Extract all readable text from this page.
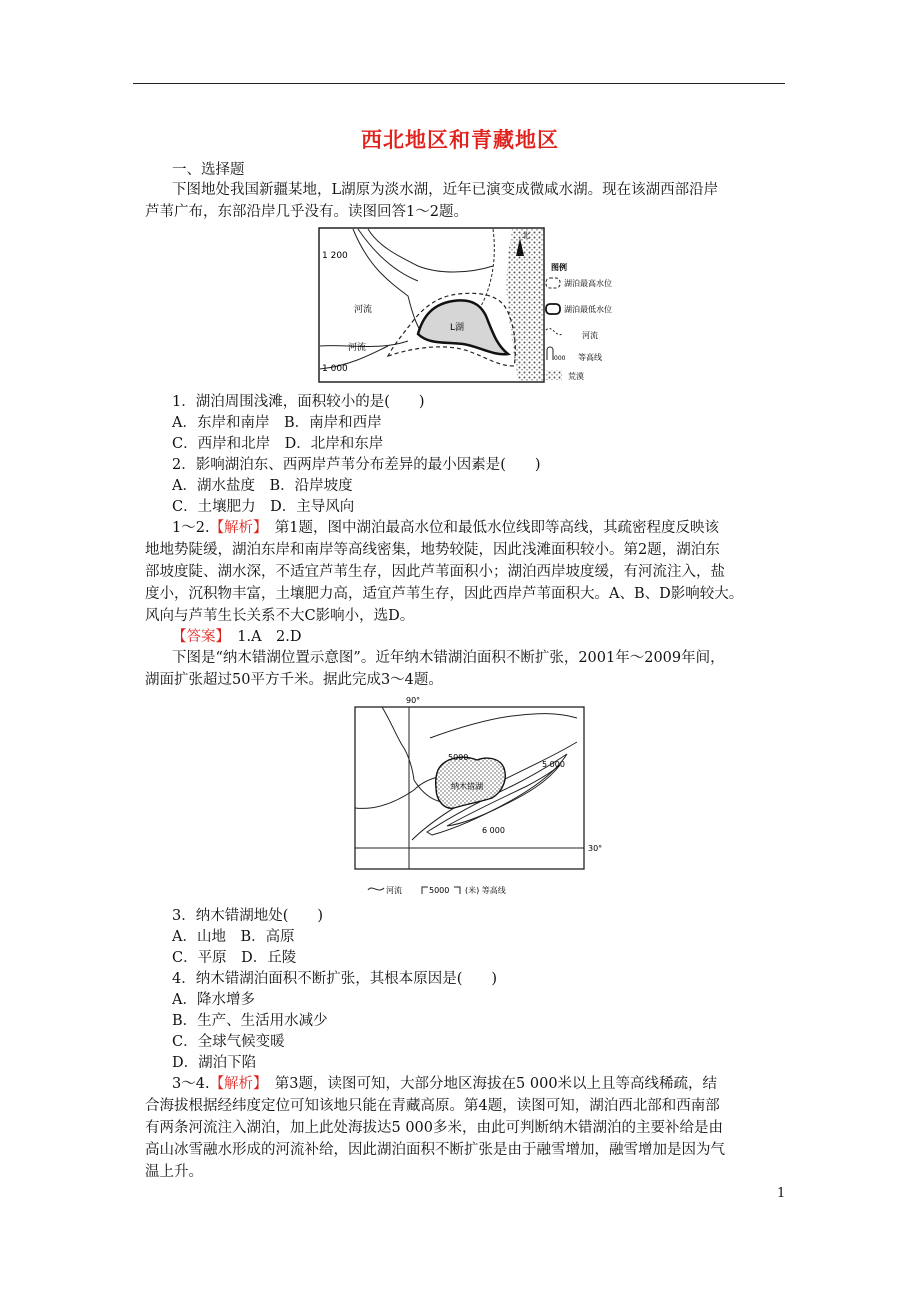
西北地区和青藏地区
一、选择题
下图地处我国新疆某地，L湖原为淡水湖，近年已演变成微咸水湖。现在该湖西部沿岸
芦苇广布，东部沿岸几乎没有。读图回答1～2题。
L湖
1 200
1 000
河流
河流
北
图例
湖泊最高水位
湖泊最低水位
河流
000 等高线
荒漠
1．湖泊周围浅滩，面积较小的是(　　)
A．东岸和南岸　B．南岸和西岸
C．西岸和北岸　D．北岸和东岸
2．影响湖泊东、西两岸芦苇分布差异的最小因素是(　　)
A．湖水盐度　B．沿岸坡度
C．土壤肥力　D．主导风向
1～2.【解析】　第1题，图中湖泊最高水位和最低水位线即等高线，其疏密程度反映该
地地势陡缓，湖泊东岸和南岸等高线密集，地势较陡，因此浅滩面积较小。第2题，湖泊东
部坡度陡、湖水深，不适宜芦苇生存，因此芦苇面积小；湖泊西岸坡度缓，有河流注入，盐
度小，沉积物丰富，土壤肥力高，适宜芦苇生存，因此西岸芦苇面积大。A、B、D影响较大。
风向与芦苇生长关系不大C影响小，选D。
【答案】　1.A　2.D
下图是“纳木错湖位置示意图”。近年纳木错湖泊面积不断扩张，2001年～2009年间，
湖面扩张超过50平方千米。据此完成3～4题。
90°
30°
纳木错湖
5000
5 000
6 000
河流	5000 (米) 等高线
3．纳木错湖地处(　　)
A．山地　B．高原
C．平原　D．丘陵
4．纳木错湖泊面积不断扩张，其根本原因是(　　)
A．降水增多
B．生产、生活用水减少
C．全球气候变暖
D．湖泊下陷
3～4.【解析】　第3题，读图可知，大部分地区海拔在5 000米以上且等高线稀疏，结
合海拔根据经纬度定位可知该地只能在青藏高原。第4题，读图可知，湖泊西北部和西南部
有两条河流注入湖泊，加上此处海拔达5 000多米，由此可判断纳木错湖泊的主要补给是由
高山冰雪融水形成的河流补给，因此湖泊面积不断扩张是由于融雪增加，融雪增加是因为气
温上升。
1
